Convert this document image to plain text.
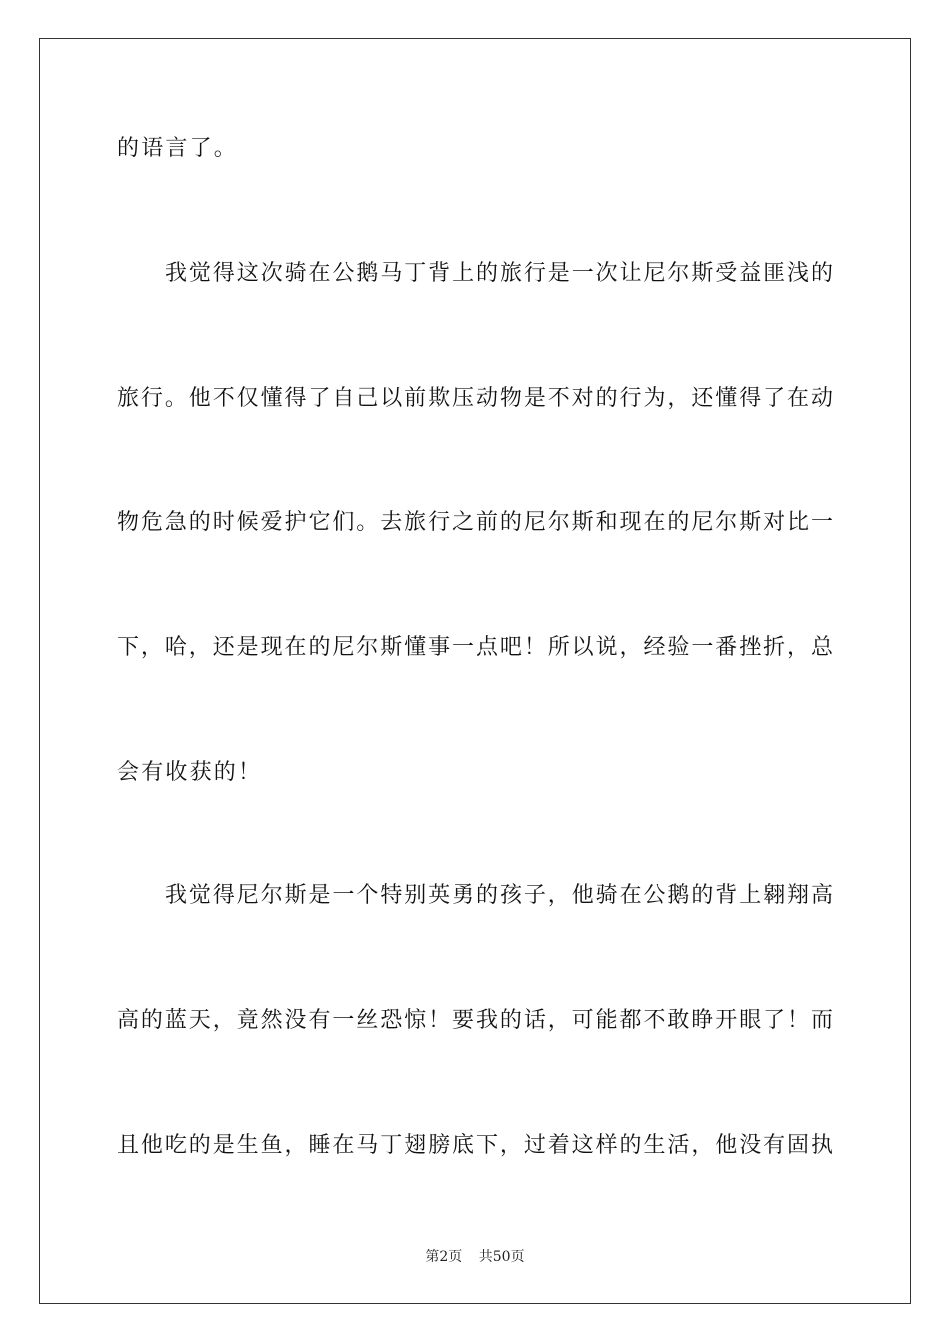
的语言了。
我觉得这次骑在公鹅马丁背上的旅行是一次让尼尔斯受益匪浅的
旅行。他不仅懂得了自己以前欺压动物是不对的行为，还懂得了在动
物危急的时候爱护它们。去旅行之前的尼尔斯和现在的尼尔斯对比一
下，哈，还是现在的尼尔斯懂事一点吧！所以说，经验一番挫折，总
会有收获的！
我觉得尼尔斯是一个特别英勇的孩子，他骑在公鹅的背上翱翔高
高的蓝天，竟然没有一丝恐惊！要我的话，可能都不敢睁开眼了！而
且他吃的是生鱼，睡在马丁翅膀底下，过着这样的生活，他没有固执
第2页 共50页
